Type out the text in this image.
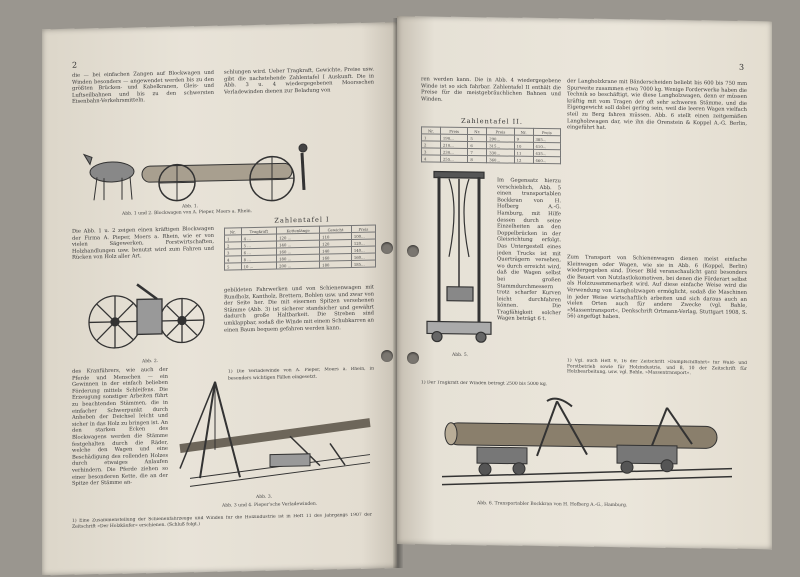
2
die — bei einfachen Zangen auf Blockwagen und Winden besonders — angewendet werden bis zu den größten Brücken- und Kabelkranen, Gleis- und Luftseilbahnen und bis zu den schwersten Eisenbahn-Verkehrsmitteln.
schlungen wird. Ueber Tragkraft, Gewichte, Preise usw. gibt die nachstehende Zahlentafel I Auskunft. Die in Abb. 3 u. 4 wiedergegebenen Moorsschen Verladewinden dienen zur Beladung von
Abb. 1.
Abb. 1 und 2. Blockwagen von A. Pieper, Moers a. Rhein.
Die Abb. 1 u. 2 zeigen einen kräftigen Blockwagen der Firma A. Pieper, Moers a. Rhein, wie er von vielen Sägewerken, Forstwirtschaften, Holzhandlungen usw. benutzt wird zum Fahren und Rücken von Holz aller Art.
Zahlentafel I
Nr.	Tragkraft	Kettenlänge	Gewicht	Preis
1	4 ...	120 ...	110	100...
2	5 ...	140 ...	120	120...
3	6 ...	160 ...	140	140...
4	8 ...	180 ...	160	160...
5	10 ...	200 ...	180	185...
Abb. 2.
gebildeten Fahrwerken und von Schienenwagen mit Rundholz, Kantholz, Brettern, Bohlen usw. und zwar von der Seite her. Die mit eisernen Spitzen versehenen Stämme (Abb. 3) ist sicherer standsicher und gewährt dadurch große Haltbarkeit. Die Streben sind umklappbar, sodaß die Winde mit einem Schubkarren an einen Baum bequem gefahren werden kann.
1) Die Verladewinde von A. Pieper, Moers a. Rhein, in besonders wichtigen Fällen eingesetzt.
des Kranführers, wie auch der Pferde und Menschen — ein Gewinnen in der einfach belieben Förderung mittels Schleifens. Die Erzeugung sonstiger Arbeiten führt zu beachtenden Stämmen, die in einfacher Schwerpunkt durch Anheben der Deichsel leicht und sicher in das Holz zu bringen ist. An den starken Ecken des Blockwagens werden die Stämme festgehalten durch die Räder, welche den Wagen und eine Beschädigung des rollenden Holzes durch etwaiges Anlaufen verhindern. Die Pferde ziehen so einer besonderen Kette, die an der Spitze der Stämme an-
Abb. 3.
Abb. 3 und 4. Pieper'sche Verladewinden.
1) Eine Zusammenstellung der Schienenfahrzeuge und Winden für die Holzindustrie ist in Heft 11 des Jahrgangs 1907 der Zeitschrift »Der Holzkäufer« erschienen. (Schluß folgt.)
3
ren werden kann. Die in Abb. 4 wiedergegebene Winde ist so sich fahrbar. Zahlentafel II enthält die Preise für die meistgebräuchlichen Bahnen und Winden.
Zahlentafel II.
Nr.	Preis	Nr.	Preis	Nr.	Preis
1	190...	5	290...	9	385...
2	210...	6	315...	10	410...
3	230...	7	330...	11	435...
4	255...	8	360...	12	460...
der Langholzkrane mit Bänderscheiden beliebt bis 600 bis 750 mm Spurweite zusammen etwa 7000 kg. Wenige Forderwerke haben die Technik so beschäftigt, wie diese Langholzwagen, denn er müssen kräftig mit vom Tragen der oft sehr schweren Stämme, und die Eigengewicht soll dabei gering sein, weil die leeren Wagen vielfach steil zu Berg fahren müssen. Abb. 6 stellt einen zeitgemäßen Langholzwagen dar, wie ihn die Orenstein & Koppel A.-G. Berlin, eingeführt hat.
Abb. 5.
Im Gegensatz hierzu verschieblich, Abb. 5 einen transportablen Bockkran von H. Hofberg A.-G. Hamburg, mit Hilfe dessen durch seine Einzelheiten an den Doppelbrücken in der Gleisrichtung erfolgt. Das Untergestell eines jeden Trucks ist mit Querträgern versehen, wo durch erreicht wird, daß die Wagen selbst bei großen Stammdurchmessern trotz scharfer Kurven leicht durchfahren können. Die Tragfähigkeit solcher Wagen beträgt 6 t.
1) Der Tragkraft der Winden beträgt 2500 bis 5000 kg.
Zum Transport von Schienenwagen dienen meist einfache Kleinwagen oder Wagen, wie sie in Abb. 6 (Koppel, Berlin) wiedergegeben sind. Dieser Bild veranschaulicht ganz besonders die Bauart von Nutzlastlokomotiven, bei denen die Förderart selbst als Holzzusammenarbeit wird. Auf diese einfache Weise wird die Verwendung von Langholzwagen ermöglicht, sodaß die Maschinen in jeder Weise wirtschaftlich arbeiten und sich daraus auch an vielen Orten auch für andere Zwecke (vgl. Bahle, »Massentransport«, Denkschrift Ortmann-Verlag, Stuttgart 1908, S. 56) angefügt haben.
1) Vgl. auch Heft 9, 16 der Zeitschrift »Dampfschiffahrt« für Wald- und Forstbetrieb sowie für Holzindustrie, und 8, 10 der Zeitschrift für Holzbearbeitung, usw. vgl. Bahle, »Massentransport«.
Abb. 6. Transportabler Bockkran von H. Hofberg A.-G., Hamburg.
